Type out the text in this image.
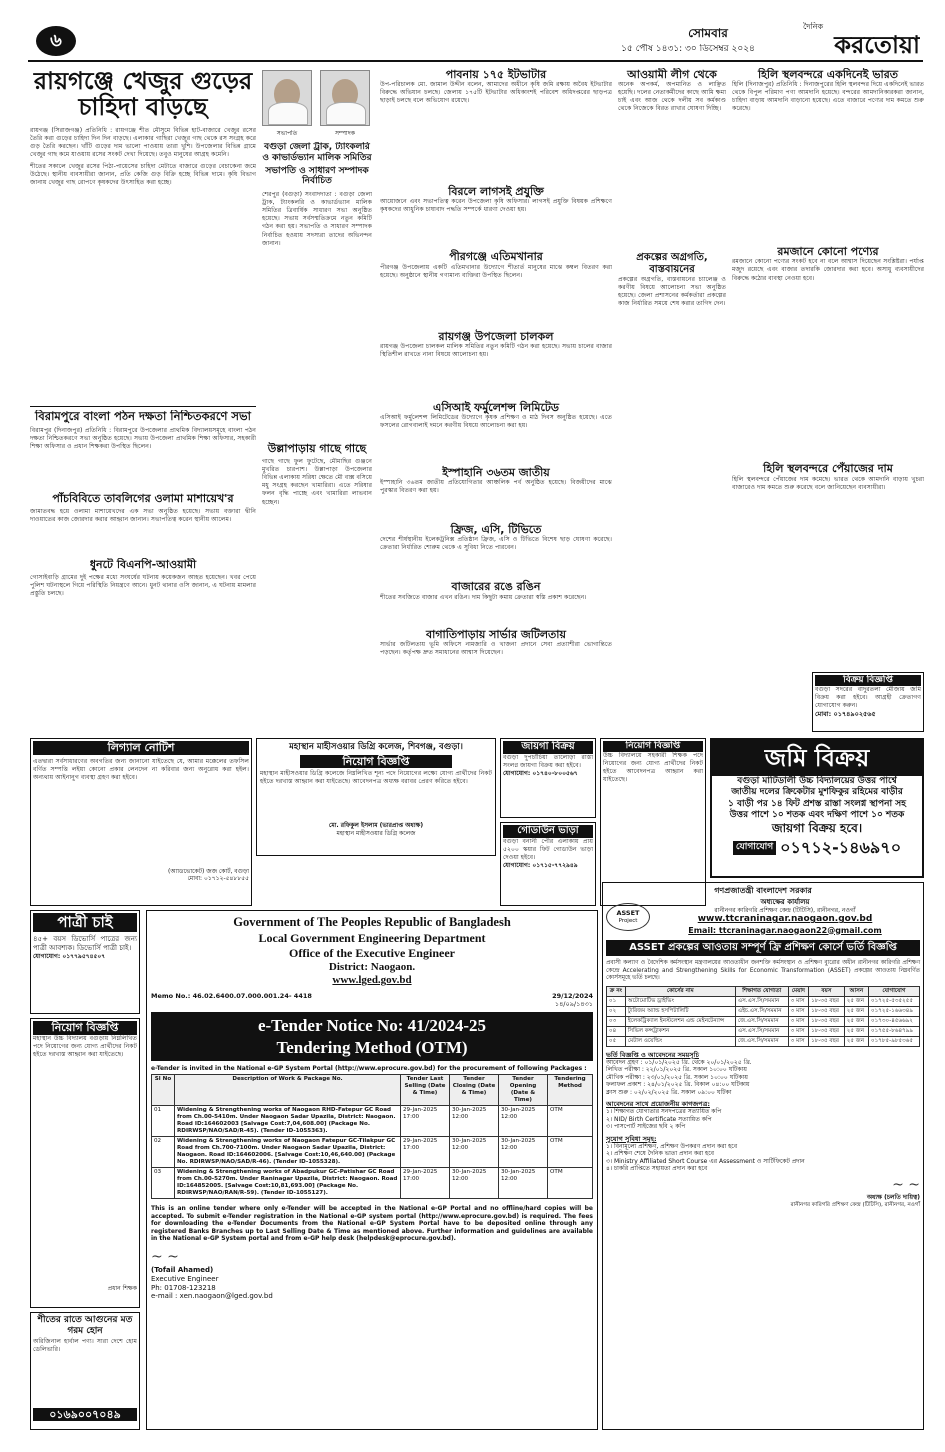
৬	সোমবার
১৫ পৌষ ১৪৩১: ৩০ ডিসেম্বর ২০২৪
দৈনিক
করতোয়া
রায়গঞ্জে খেজুর গুড়ের
চাহিদা বাড়ছে
রায়গঞ্জ (সিরাজগঞ্জ) প্রতিনিধি : রায়গঞ্জে শীত মৌসুমে বিভিন্ন হাট-বাজারে খেজুর রসের তৈরি করা গুড়ের চাহিদা দিন দিন বাড়ছে। এলাকার গাছিরা খেজুর গাছ থেকে রস সংগ্রহ করে গুড় তৈরি করছেন। খাঁটি গুড়ের দাম ভালো পাওয়ায় তারা খুশি। উপজেলার বিভিন্ন গ্রামে খেজুর গাছ কমে যাওয়ায় রসের সংকট দেখা দিয়েছে। তবুও মানুষের আগ্রহ কমেনি।
শীতের সকালে খেজুর রসের পিঠা-পায়েসের চাহিদা মেটাতে বাজারে গুড়ের বেচাকেনা জমে উঠেছে। স্থানীয় ব্যবসায়ীরা জানান, প্রতি কেজি গুড় বিক্রি হচ্ছে বিভিন্ন দামে। কৃষি বিভাগ জানায় খেজুর গাছ রোপণে কৃষকদের উৎসাহিত করা হচ্ছে।
বিরামপুরে বাংলা পঠন দক্ষতা নিশ্চিতকরণে সভা
বিরামপুর (দিনাজপুর) প্রতিনিধি : বিরামপুরে উপজেলার প্রাথমিক বিদ্যালয়সমূহে বাংলা পঠন দক্ষতা নিশ্চিতকরণে সভা অনুষ্ঠিত হয়েছে। সভায় উপজেলা প্রাথমিক শিক্ষা অফিসার, সহকারী শিক্ষা অফিসার ও প্রধান শিক্ষকরা উপস্থিত ছিলেন।
পাঁচবিবিতে তাবলিগের ওলামা মাশায়েখ'র
জামাতবদ্ধ হয়ে ওলামা মাশায়েখদের এক সভা অনুষ্ঠিত হয়েছে। সভায় বক্তারা দ্বীনি দাওয়াতের কাজ জোরদার করার আহ্বান জানান। সভাপতিত্ব করেন স্থানীয় আলেম।
ধুনটে বিএনপি-আওয়ামী
গোসাইবাড়ি গ্রামের দুই পক্ষের মধ্যে সংঘর্ষের ঘটনায় কয়েকজন আহত হয়েছেন। খবর পেয়ে পুলিশ ঘটনাস্থলে গিয়ে পরিস্থিতি নিয়ন্ত্রণে আনে। ধুনট থানার ওসি জানান, এ ঘটনায় মামলার প্রস্তুতি চলছে।
সভাপতি	সম্পাদক
বগুড়া জেলা ট্রাক, ট্যাংকলরি ও কাভার্ডভ্যান মালিক সমিতির
সভাপতি ও সাধারণ সম্পাদক নির্বাচিত
শেরপুর (বগুড়া) সংবাদদাতা : বগুড়া জেলা ট্রাক, ট্যাংকলরি ও কাভার্ডভ্যান মালিক সমিতির ত্রিবার্ষিক সাধারণ সভা অনুষ্ঠিত হয়েছে। সভায় সর্বসম্মতিক্রমে নতুন কমিটি গঠন করা হয়। সভাপতি ও সাধারণ সম্পাদক নির্বাচিত হওয়ায় সদস্যরা তাদের অভিনন্দন জানান।
উল্লাপাড়ায় গাছে গাছে
গাছে গাছে ফুল ফুটেছে, মৌমাছির গুঞ্জনে মুখরিত চারপাশ। উল্লাপাড়া উপজেলার বিভিন্ন এলাকায় সরিষা ক্ষেতে মৌ বাক্স বসিয়ে মধু সংগ্রহ করছেন খামারিরা। এতে সরিষার ফলন বৃদ্ধি পাচ্ছে এবং খামারিরা লাভবান হচ্ছেন।
পাবনায় ১৭৫ ইটভাটার
উপ-পরিচালক মো. জামাল উদ্দীন বলেন, আমাদের অধীনে কৃষি জমি রক্ষায় অবৈধ ইটভাটার বিরুদ্ধে অভিযান চলছে। জেলায় ১৭৫টি ইটভাটার অধিকাংশই পরিবেশ অধিদপ্তরের ছাড়পত্র ছাড়াই চলছে বলে অভিযোগ রয়েছে।
বিরলে লাগসই প্রযুক্তি
আয়োজনে এবং সভাপতিত্ব করেন উপজেলা কৃষি অফিসার। লাগসই প্রযুক্তি বিষয়ক প্রশিক্ষণে কৃষকদের আধুনিক চাষাবাদ পদ্ধতি সম্পর্কে ধারণা দেওয়া হয়।
পীরগঞ্জে এতিমখানার
পীরগঞ্জ উপজেলায় একটি এতিমখানার উদ্যোগে শীতার্ত মানুষের মাঝে কম্বল বিতরণ করা হয়েছে। অনুষ্ঠানে স্থানীয় গণ্যমান্য ব্যক্তিরা উপস্থিত ছিলেন।
রায়গঞ্জ উপজেলা চালকল
রায়গঞ্জ উপজেলা চালকল মালিক সমিতির নতুন কমিটি গঠন করা হয়েছে। সভায় চালের বাজার স্থিতিশীল রাখতে নানা বিষয়ে আলোচনা হয়।
এসিআই ফর্মুলেশন্স লিমিটেড
এসিআই ফর্মুলেশন্স লিমিটেডের উদ্যোগে কৃষক প্রশিক্ষণ ও মাঠ দিবস অনুষ্ঠিত হয়েছে। এতে ফসলের রোগবালাই দমনে করণীয় বিষয়ে আলোচনা করা হয়।
ইস্পাহানি ৩৬তম জাতীয়
ইস্পাহানি ৩৬তম জাতীয় প্রতিযোগিতার আঞ্চলিক পর্ব অনুষ্ঠিত হয়েছে। বিজয়ীদের মাঝে পুরস্কার বিতরণ করা হয়।
ফ্রিজ, এসি, টিভিতে
দেশের শীর্ষস্থানীয় ইলেকট্রনিক্স প্রতিষ্ঠান ফ্রিজ, এসি ও টিভিতে বিশেষ ছাড় ঘোষণা করেছে। ক্রেতারা নির্ধারিত শোরুম থেকে এ সুবিধা নিতে পারবেন।
বাজারের রঙে রঙিন
শীতের সবজিতে বাজার এখন রঙিন। দাম কিছুটা কমায় ক্রেতারা স্বস্তি প্রকাশ করেছেন।
বাগাতিপাড়ায় সার্ভার জটিলতায়
সার্ভার জটিলতায় ভূমি অফিসে নামজারি ও খাজনা প্রদানে সেবা প্রত্যাশীরা ভোগান্তিতে পড়ছেন। কর্তৃপক্ষ দ্রুত সমাধানের আশ্বাস দিয়েছেন।
আওয়ামী লীগ থেকে
অনেক অপকর্ম, অপমানিত ও লাঞ্ছিত হয়েছি। দলের নেতাকর্মীদের কাছে আমি ক্ষমা চাই এবং আজ থেকে দলীয় সব কর্মকাণ্ড থেকে নিজেকে বিরত রাখার ঘোষণা দিচ্ছি।
প্রকল্পের অগ্রগতি, বাস্তবায়নের
প্রকল্পের অগ্রগতি, বাস্তবায়নের চ্যালেঞ্জ ও করণীয় বিষয়ে আলোচনা সভা অনুষ্ঠিত হয়েছে। জেলা প্রশাসনের কর্মকর্তারা প্রকল্পের কাজ নির্ধারিত সময়ে শেষ করার তাগিদ দেন।
হিলি স্থলবন্দরে একদিনেই ভারত
হিলি (দিনাজপুর) প্রতিনিধি : দিনাজপুরের হিলি স্থলবন্দর দিয়ে একদিনেই ভারত থেকে বিপুল পরিমাণ পণ্য আমদানি হয়েছে। বন্দরের আমদানিকারকরা জানান, চাহিদা বাড়ায় আমদানি বাড়ানো হয়েছে। এতে বাজারে পণ্যের দাম কমতে শুরু করেছে।
রমজানে কোনো পণ্যের
রমজানে কোনো পণ্যের সংকট হবে না বলে আশ্বাস দিয়েছেন সংশ্লিষ্টরা। পর্যাপ্ত মজুদ রয়েছে এবং বাজার তদারকি জোরদার করা হবে। অসাধু ব্যবসায়ীদের বিরুদ্ধে কঠোর ব্যবস্থা নেওয়া হবে।
হিলি স্থলবন্দরে পেঁয়াজের দাম
হিলি স্থলবন্দরে পেঁয়াজের দাম কমেছে। ভারত থেকে আমদানি বাড়ায় খুচরা বাজারেও দাম কমতে শুরু করেছে বলে জানিয়েছেন ব্যবসায়ীরা।
বিক্রয় বিজ্ঞপ্তি
বগুড়া সদরের বাদুরতলা মৌজায় জমি বিক্রয় করা হইবে। আগ্রহী ক্রেতাগণ যোগাযোগ করুন।
মোবা: ০১৭৪৯০২৫৬৫
লিগ্যাল নোটিশ
এতদ্বারা সর্বসাধারণের অবগতির জন্য জানানো যাইতেছে যে, আমার মক্কেলের তফসিল বর্ণিত সম্পত্তি লইয়া কোনো প্রকার লেনদেন না করিবার জন্য অনুরোধ করা হইল। অন্যথায় আইনানুগ ব্যবস্থা গ্রহণ করা হইবে।
(অ্যাডভোকেট) জজ কোর্ট, বগুড়া
মোবা: ০১৭১২-৫৪৮৮৫৫
মহাস্থান মাহীসওয়ার ডিগ্রি কলেজ, শিবগঞ্জ, বগুড়া।
নিয়োগ বিজ্ঞপ্তি
মহাস্থান মাহীসওয়ার ডিগ্রি কলেজে নিম্নলিখিত শূন্য পদে নিয়োগের লক্ষ্যে যোগ্য প্রার্থীদের নিকট হইতে দরখাস্ত আহ্বান করা যাইতেছে। আবেদনপত্র অধ্যক্ষ বরাবর প্রেরণ করিতে হইবে।
মো. রফিকুল ইসলাম (ভারপ্রাপ্ত অধ্যক্ষ)
মহাস্থান মাহীসওয়ার ডিগ্রি কলেজ
জায়গা বিক্রয়
বগুড়া দুপচাঁচিয়া তালোড়া রাস্তা সংলগ্ন জায়গা বিক্রয় করা হইবে।
যোগাযোগ: ০১৭৪০-৮০০৫৬৭
গোডাউন ভাড়া
বগুড়া বনানী পৌর এলাকায় প্রায় ৫২০০ স্কয়ার ফিট গোডাউন ভাড়া দেওয়া হইবে।
যোগাযোগ: ০১৭১৫-৭৭২৯৪৯
নিয়োগ বিজ্ঞপ্তি
উচ্চ বিদ্যালয়ে সহকারী শিক্ষক পদে নিয়োগের জন্য যোগ্য প্রার্থীদের নিকট হইতে আবেদনপত্র আহ্বান করা যাইতেছে।
জমি বিক্রয়
বগুড়া মাটিডালী উচ্চ বিদ্যালয়ের উত্তর পার্শ্বে
জাতীয় দলের ক্রিকেটার মুশফিকুর রহিমের বাড়ীর
১ বাড়ী পর ১৪ ফিট প্রশস্ত রাস্তা সংলগ্ন স্থাপনা সহ
উত্তর পাশে ১০ শতক এবং দক্ষিণ পাশে ১০ শতক
জায়গা বিক্রয় হবে।
যোগাযোগ ০১৭১২-১৪৬৯৭০
পাত্রী চাই
৪৫+ বয়স ডিভোর্সি পাত্রের জন্য পাত্রী আবশ্যক। ডিভোর্সি পাত্রী চাই।
যোগাযোগ: ০১৭৭৯৫৭৪৫০৭
নিয়োগ বিজ্ঞপ্তি
মহাস্থান উচ্চ বিদ্যালয় বগুড়ায় নিম্নলিখিত পদে নিয়োগের জন্য যোগ্য প্রার্থীদের নিকট হইতে দরখাস্ত আহ্বান করা যাইতেছে।
প্রধান শিক্ষক
শীতের রাতে আগুনের মত গরম হোন
অরিজিনাল হার্বাল পণ্য। সারা দেশে হোম ডেলিভারি।
০১৬৯০০৭০৪৯
Government of The Peoples Republic of Bangladesh
Local Government Engineering Department
Office of the Executive Engineer
District: Naogaon.
www.lged.gov.bd
Memo No.: 46.02.6400.07.000.001.24- 4418	29/12/2024
১৪/০৯/১৪৩১
e-Tender Notice No: 41/2024-25
Tendering Method (OTM)
e-Tender is invited in the National e-GP System Portal (http://www.eprocure.gov.bd) for the procurement of following Packages :
Sl No	Description of Work & Package No.	Tender Last Selling (Date & Time)	Tender Closing (Date & Time)	Tender Opening (Date & Time)	Tendering Method
01	Widening & Strengthening works of Naogaon RHD-Fatepur GC Road from Ch.00-5410m. Under Naogaon Sadar Upazila, District: Naogaon. Road ID:164602003 [Salvage Cost:7,04,608.00] (Package No. RDIRWSP/NAO/SAD/R-45). (Tender ID-1055363).	29-Jan-2025 17:00	30-Jan-2025 12:00	30-Jan-2025 12:00	OTM
02	Widening & Strengthening works of Naogaon Fatepur GC-Tilakpur GC Road from Ch.700-7100m. Under Naogaon Sadar Upazila, District: Naogaon. Road ID:164602006. [Salvage Cost:10,46,640.00] (Package No. RDIRWSP/NAO/SAD/R-46). (Tender ID-1055328).	29-Jan-2025 17:00	30-Jan-2025 12:00	30-Jan-2025 12:00	OTM
03	Widening & Strengthening works of Abadpukur GC-Patishar GC Road from Ch.00-5270m. Under Raninagar Upazila, District: Naogaon. Road ID:164852005. [Salvage Cost:10,81,693.00] (Package No. RDIRWSP/NAO/RAN/R-59). (Tender ID-1055127).	29-Jan-2025 17:00	30-Jan-2025 12:00	30-Jan-2025 12:00	OTM
This is an online tender where only e-Tender will be accepted in the National e-GP Portal and no offline/hard copies will be accepted. To submit e-Tender registration in the National e-GP system portal (http://www.eprocure.gov.bd) is required. The fees for downloading the e-Tender Documents from the National e-GP System Portal have to be deposited online through any registered Banks Branches up to Last Selling Date & Time as mentioned above. Further information and guidelines are available in the National e-GP System portal and from e-GP help desk (helpdesk@eprocure.gov.bd).
~ ~
(Tofail Ahamed)
Executive Engineer
Ph: 01708-123218
e-mail : xen.naogaon@lged.gov.bd
গণপ্রজাতন্ত্রী বাংলাদেশ সরকার
ASSET
Project
অধ্যক্ষের কার্যালয়
রানীনগর কারিগরি প্রশিক্ষণ কেন্দ্র (টিটিসি), রানীনগর, নওগাঁ
www.ttcraninagar.naogaon.gov.bd
Email: ttcraninagar.naogaon22@gmail.com
ASSET প্রকল্পের আওতায় সম্পূর্ণ ফ্রি প্রশিক্ষণ কোর্সে ভর্তি বিজ্ঞপ্তি
প্রবাসী কল্যাণ ও বৈদেশিক কর্মসংস্থান মন্ত্রণালয়ের আওতাধীন জনশক্তি কর্মসংস্থান ও প্রশিক্ষণ ব্যুরোর অধীন রানীনগর কারিগরি প্রশিক্ষণ কেন্দ্রে Accelerating and Strengthening Skills for Economic Transformation (ASSET) প্রকল্পের আওতায় নিম্নবর্ণিত কোর্সসমূহে ভর্তি চলছে।
ক্র নং	কোর্সের নাম	শিক্ষাগত যোগ্যতা	মেয়াদ	বয়স	আসন	যোগাযোগ
০১	অটোমোটিভ ড্রাইভিং	এস.এস.সি/সমমান	৩ মাস	১৮-৩৫ বছর	২৫ জন	০১৭২৫-৫৩৫২৫৫
০২	ট্যুরিজম অ্যান্ড হসপিটালিটি	এইচ.এস.সি/সমমান	৩ মাস	১৮-৩৫ বছর	২৫ জন	০১৭২৫-১৬৬৩৪৯
০৩	ইলেকট্রিক্যাল ইনস্টলেশন এন্ড মেইনটেন্যান্স	জে.এস.সি/সমমান	৩ মাস	১৮-৩৫ বছর	২৫ জন	০১৭৩০-৪৫৬৬৯২
০৪	সিভিল কন্সট্রাকশন	এস.এস.সি/সমমান	৩ মাস	১৮-৩৫ বছর	২৫ জন	০১৭৫৫-৮৬৪৭৯৯
০৫	মেটাল ওয়েল্ডিং	জে.এস.সি/সমমান	৩ মাস	১৮-৩৫ বছর	২৫ জন	০১৭৮৫-৯৮৫৩৬৫
ভর্তি বিজ্ঞপ্তি ও আবেদনের সময়সূচি
আবেদন গ্রহণ : ০১/০১/২০২৫ খ্রি. থেকে ২০/০১/২০২৫ খ্রি.
লিখিত পরীক্ষা : ২২/০১/২০২৫ খ্রি. সকাল ১০:০০ ঘটিকায়
মৌখিক পরীক্ষা : ২৩/০১/২০২৫ খ্রি. সকাল ১০:০০ ঘটিকায়
ফলাফল প্রকাশ : ২৪/০১/২০২৫ খ্রি. বিকাল ০৪:০০ ঘটিকায়
ক্লাস শুরু : ০২/০২/২০২৫ খ্রি. সকাল ০৯:০০ ঘটিকা
আবেদনের সাথে প্রয়োজনীয় কাগজপত্র:
১। শিক্ষাগত যোগ্যতার সনদপত্রের সত্যায়িত কপি
২। NID/ Birth Certificate সত্যায়িত কপি
৩। পাসপোর্ট সাইজের ছবি ২ কপি
সুযোগ সুবিধা সমূহ:
১। বিনামূল্যে প্রশিক্ষণ, প্রশিক্ষণ উপকরণ প্রদান করা হবে
২। প্রশিক্ষণ শেষে দৈনিক ভাতা প্রদান করা হবে
৩। Ministry Affiliated Short Course এর Assessment ও সার্টিফিকেট প্রদান
৪। চাকরি প্রাপ্তিতে সহায়তা প্রদান করা হবে
~ ~
অধ্যক্ষ (চলতি দায়িত্ব)
রানীনগর কারিগরি প্রশিক্ষণ কেন্দ্র (টিটিসি), রানীনগর, নওগাঁ
